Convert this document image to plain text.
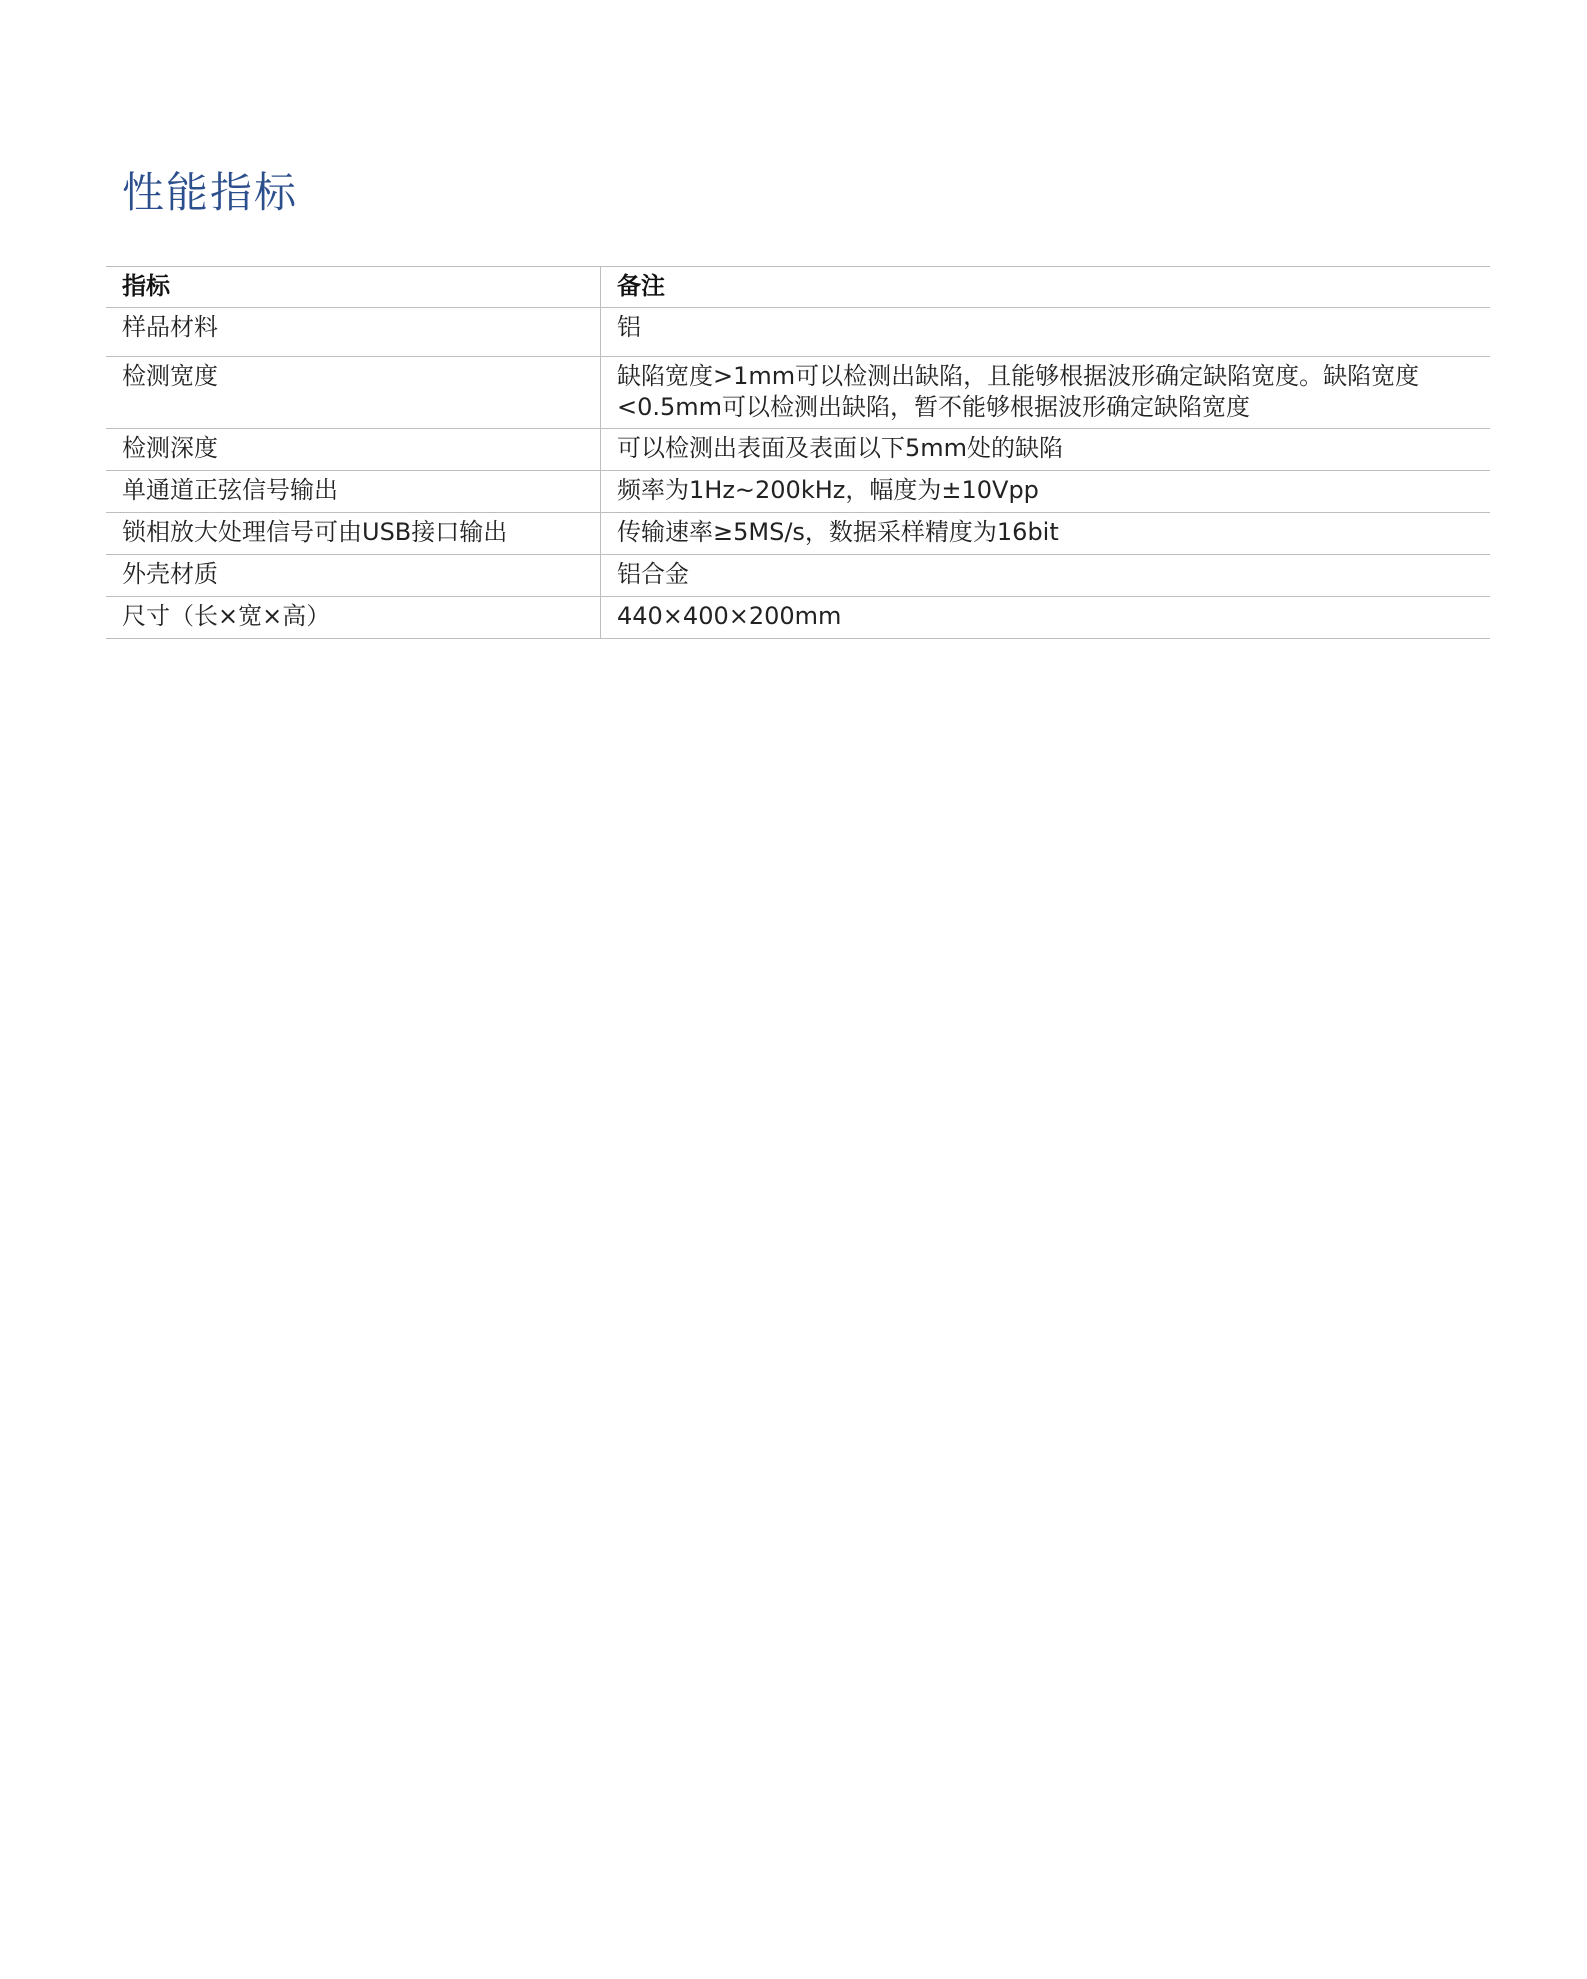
性能指标
指标	备注
样品材料	铝
检测宽度	缺陷宽度>1mm可以检测出缺陷，且能够根据波形确定缺陷宽度。缺陷宽度<0.5mm可以检测出缺陷，暂不能够根据波形确定缺陷宽度
检测深度	可以检测出表面及表面以下5mm处的缺陷
单通道正弦信号输出	频率为1Hz~200kHz，幅度为±10Vpp
锁相放大处理信号可由USB接口输出	传输速率≥5MS/s，数据采样精度为16bit
外壳材质	铝合金
尺寸（长×宽×高）	440×400×200mm
